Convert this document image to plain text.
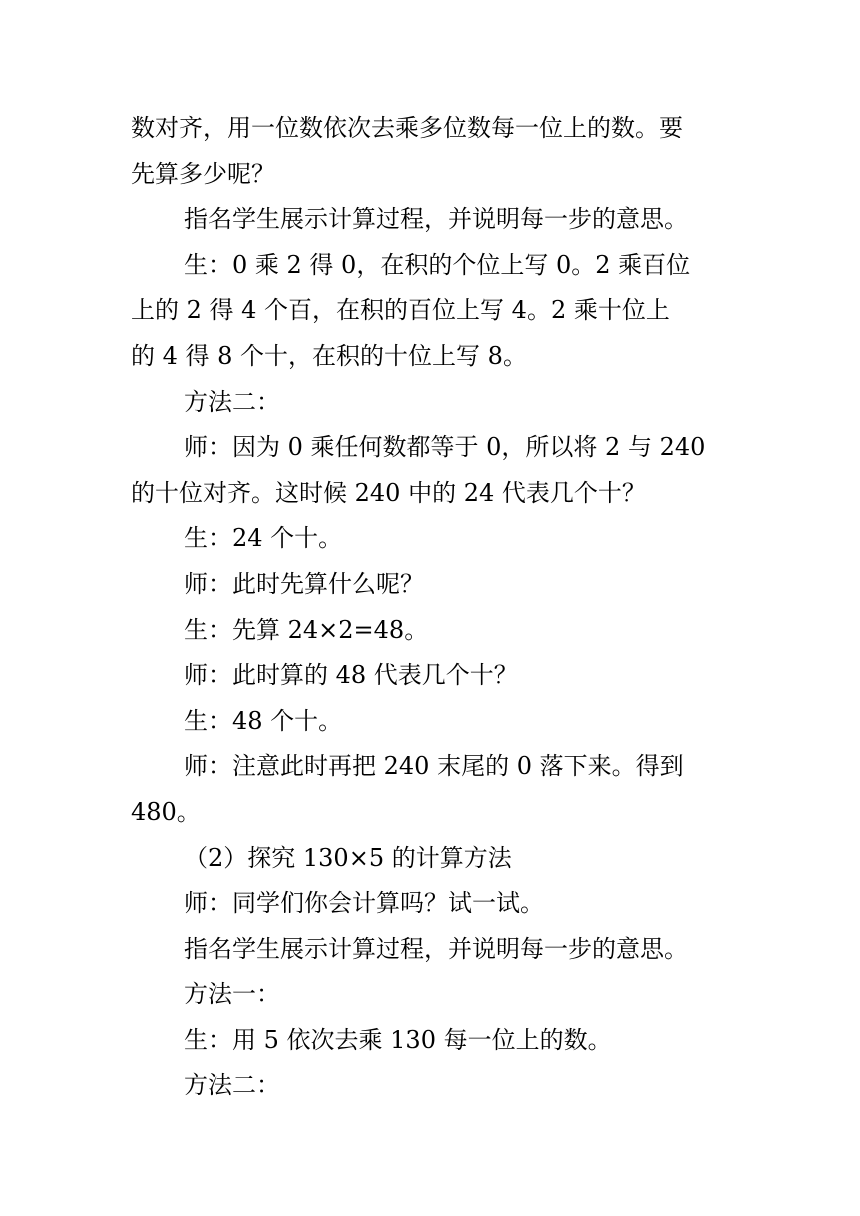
数对齐，用一位数依次去乘多位数每一位上的数。要
先算多少呢？
指名学生展示计算过程，并说明每一步的意思。
生：0 乘 2 得 0，在积的个位上写 0。2 乘百位
上的 2 得 4 个百，在积的百位上写 4。2 乘十位上
的 4 得 8 个十，在积的十位上写 8。
方法二：
师：因为 0 乘任何数都等于 0，所以将 2 与 240
的十位对齐。这时候 240 中的 24 代表几个十？
生：24 个十。
师：此时先算什么呢？
生：先算 24×2=48。
师：此时算的 48 代表几个十？
生：48 个十。
师：注意此时再把 240 末尾的 0 落下来。得到
480。
（2）探究 130×5 的计算方法
师：同学们你会计算吗？试一试。
指名学生展示计算过程，并说明每一步的意思。
方法一：
生：用 5 依次去乘 130 每一位上的数。
方法二：
